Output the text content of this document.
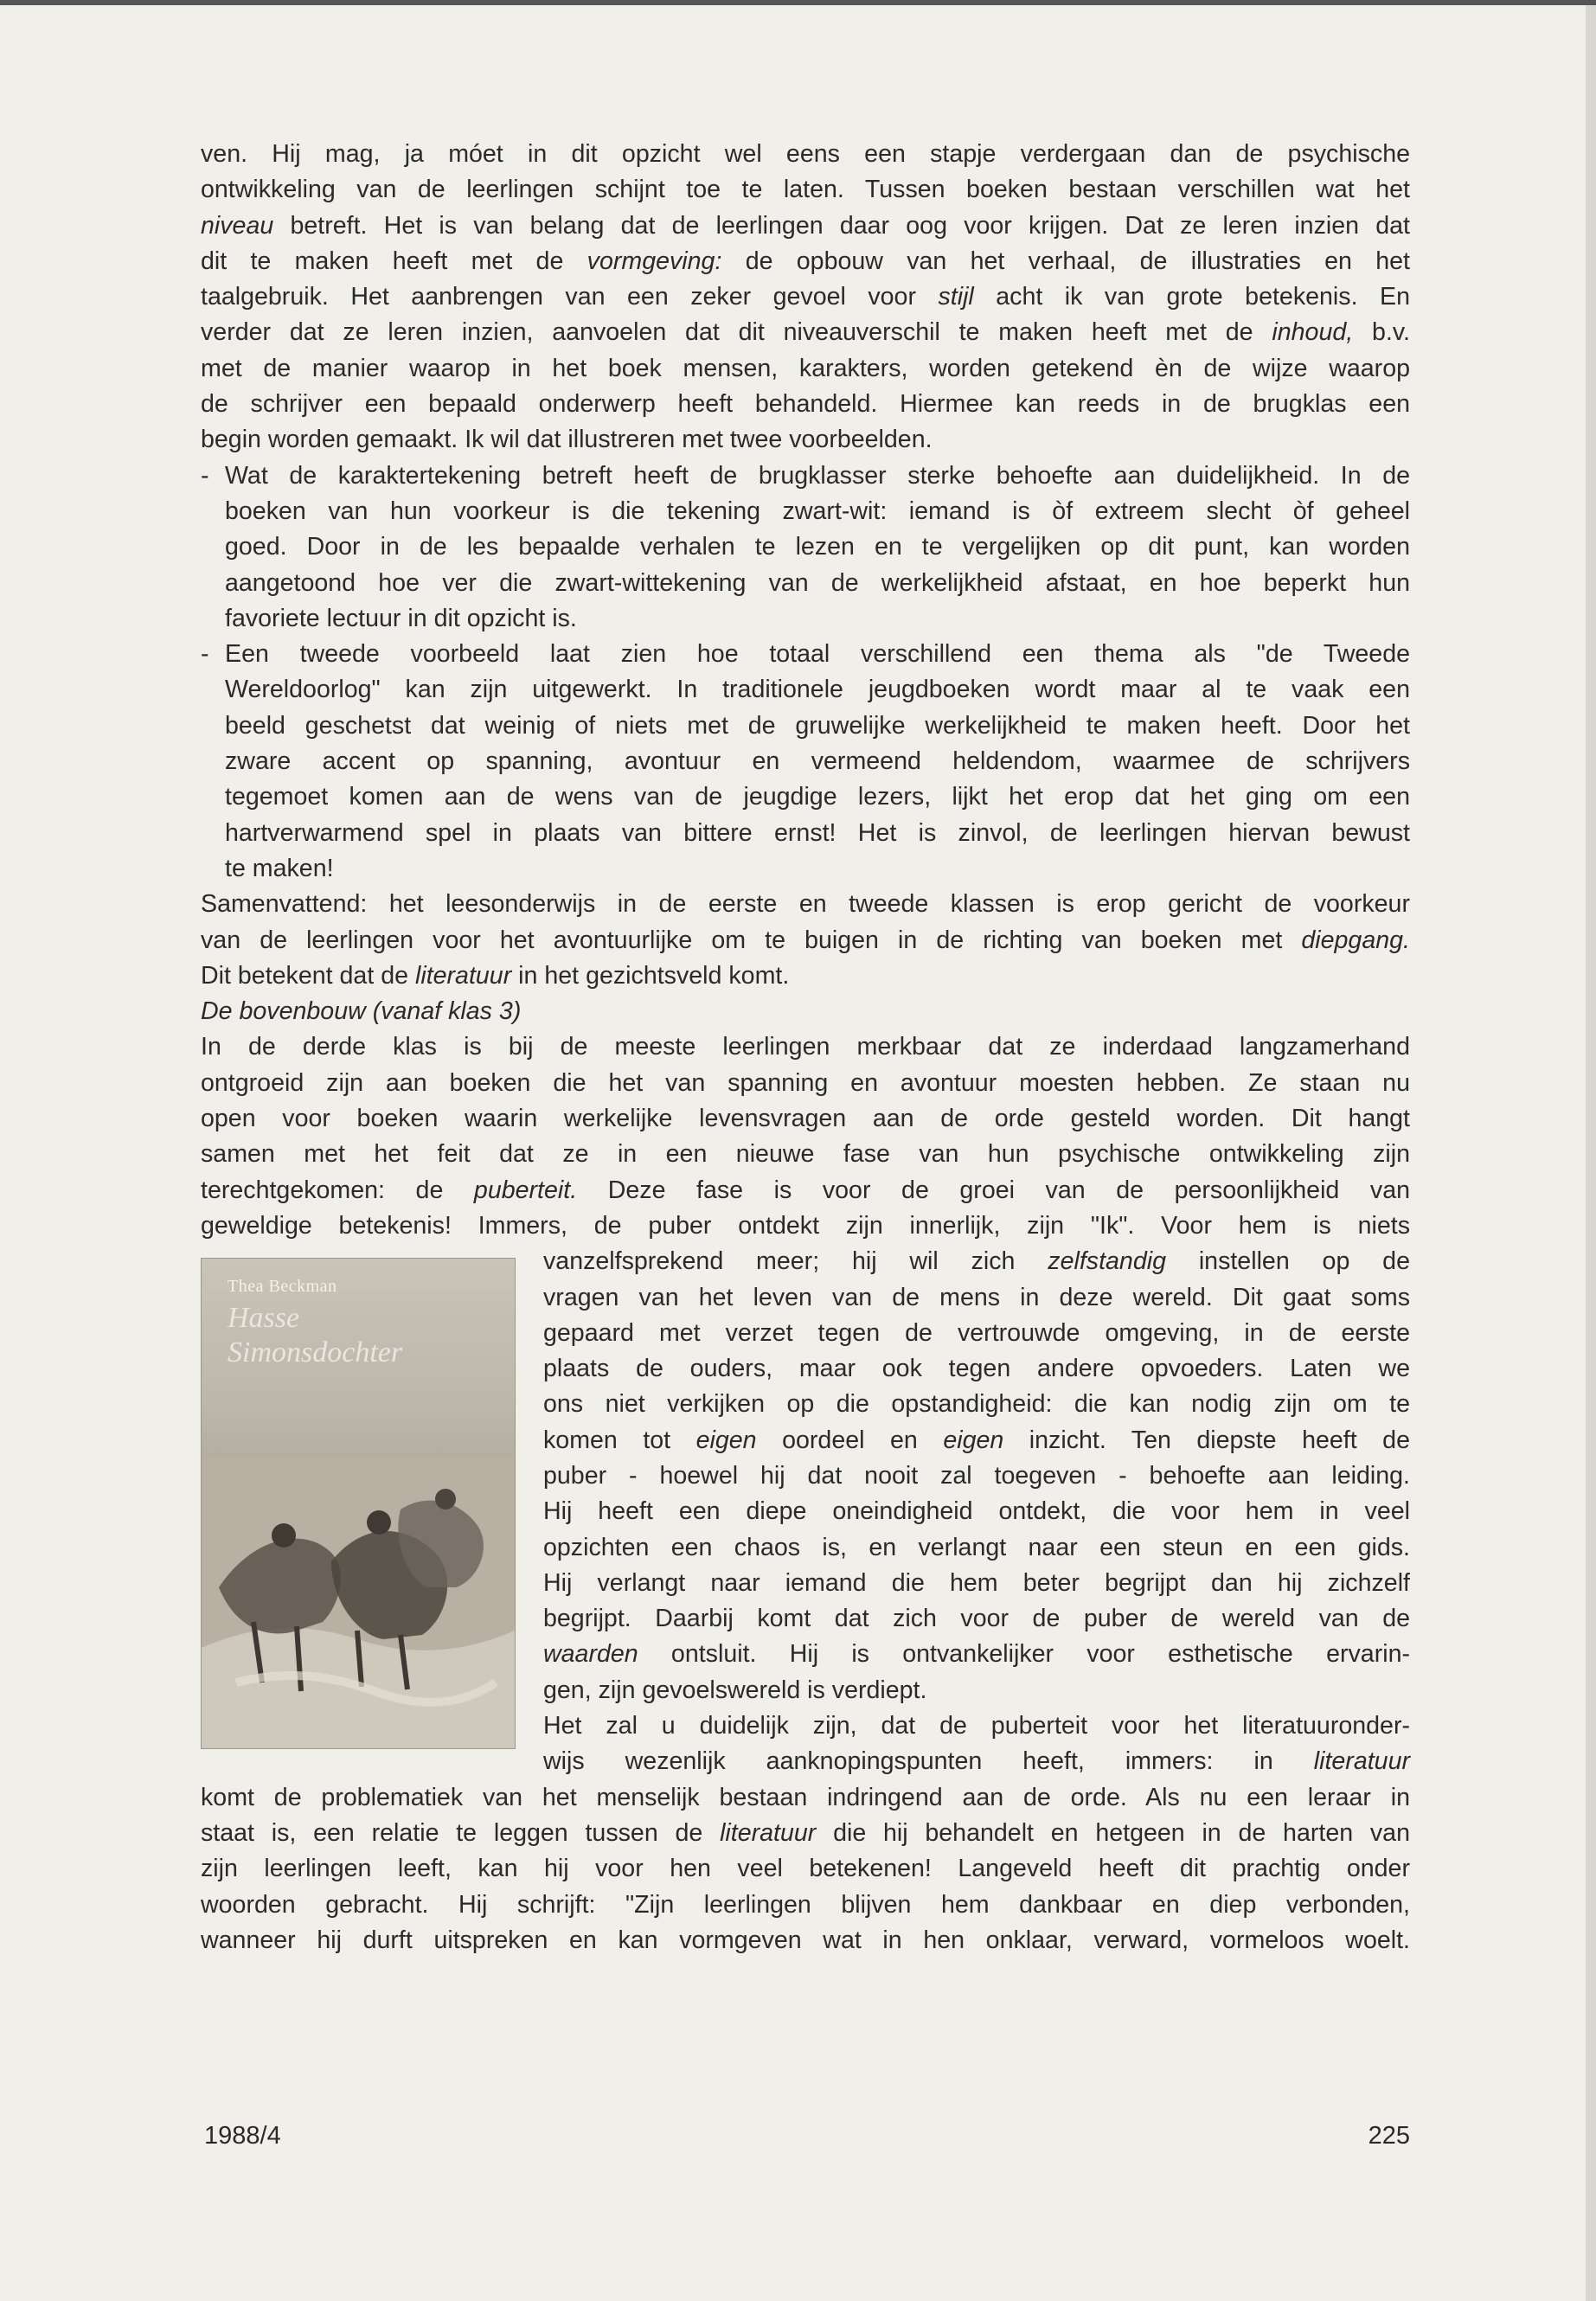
ven. Hij mag, ja móet in dit opzicht wel eens een stapje verdergaan dan de psychische
ontwikkeling van de leerlingen schijnt toe te laten. Tussen boeken bestaan verschillen wat het
niveau betreft. Het is van belang dat de leerlingen daar oog voor krijgen. Dat ze leren inzien dat
dit te maken heeft met de vormgeving: de opbouw van het verhaal, de illustraties en het
taalgebruik. Het aanbrengen van een zeker gevoel voor stijl acht ik van grote betekenis. En
verder dat ze leren inzien, aanvoelen dat dit niveauverschil te maken heeft met de inhoud, b.v.
met de manier waarop in het boek mensen, karakters, worden getekend èn de wijze waarop
de schrijver een bepaald onderwerp heeft behandeld. Hiermee kan reeds in de brugklas een
begin worden gemaakt. Ik wil dat illustreren met twee voorbeelden.

- Wat de karaktertekening betreft heeft de brugklasser sterke behoefte aan duidelijkheid. In de
boeken van hun voorkeur is die tekening zwart-wit: iemand is òf extreem slecht òf geheel
goed. Door in de les bepaalde verhalen te lezen en te vergelijken op dit punt, kan worden
aangetoond hoe ver die zwart-wittekening van de werkelijkheid afstaat, en hoe beperkt hun
favoriete lectuur in dit opzicht is.

- Een tweede voorbeeld laat zien hoe totaal verschillend een thema als "de Tweede
Wereldoorlog" kan zijn uitgewerkt. In traditionele jeugdboeken wordt maar al te vaak een
beeld geschetst dat weinig of niets met de gruwelijke werkelijkheid te maken heeft. Door het
zware accent op spanning, avontuur en vermeend heldendom, waarmee de schrijvers
tegemoet komen aan de wens van de jeugdige lezers, lijkt het erop dat het ging om een
hartverwarmend spel in plaats van bittere ernst! Het is zinvol, de leerlingen hiervan bewust
te maken!

Samenvattend: het leesonderwijs in de eerste en tweede klassen is erop gericht de voorkeur
van de leerlingen voor het avontuurlijke om te buigen in de richting van boeken met diepgang.
Dit betekent dat de literatuur in het gezichtsveld komt.

De bovenbouw (vanaf klas 3)

In de derde klas is bij de meeste leerlingen merkbaar dat ze inderdaad langzamerhand
ontgroeid zijn aan boeken die het van spanning en avontuur moesten hebben. Ze staan nu
open voor boeken waarin werkelijke levensvragen aan de orde gesteld worden. Dit hangt
samen met het feit dat ze in een nieuwe fase van hun psychische ontwikkeling zijn
terechtgekomen: de puberteit. Deze fase is voor de groei van de persoonlijkheid van
geweldige betekenis! Immers, de puber ontdekt zijn innerlijk, zijn "Ik". Voor hem is niets

Thea Beckman
Hasse
Simonsdochter
vanzelfsprekend meer; hij wil zich zelfstandig instellen op de
vragen van het leven van de mens in deze wereld. Dit gaat soms
gepaard met verzet tegen de vertrouwde omgeving, in de eerste
plaats de ouders, maar ook tegen andere opvoeders. Laten we
ons niet verkijken op die opstandigheid: die kan nodig zijn om te
komen tot eigen oordeel en eigen inzicht. Ten diepste heeft de
puber - hoewel hij dat nooit zal toegeven - behoefte aan leiding.
Hij heeft een diepe oneindigheid ontdekt, die voor hem in veel
opzichten een chaos is, en verlangt naar een steun en een gids.
Hij verlangt naar iemand die hem beter begrijpt dan hij zichzelf
begrijpt. Daarbij komt dat zich voor de puber de wereld van de
waarden ontsluit. Hij is ontvankelijker voor esthetische ervarin-
gen, zijn gevoelswereld is verdiept.
Het zal u duidelijk zijn, dat de puberteit voor het literatuuronder-
wijs wezenlijk aanknopingspunten heeft, immers: in literatuur

komt de problematiek van het menselijk bestaan indringend aan de orde. Als nu een leraar in
staat is, een relatie te leggen tussen de literatuur die hij behandelt en hetgeen in de harten van
zijn leerlingen leeft, kan hij voor hen veel betekenen! Langeveld heeft dit prachtig onder
woorden gebracht. Hij schrijft: "Zijn leerlingen blijven hem dankbaar en diep verbonden,
wanneer hij durft uitspreken en kan vormgeven wat in hen onklaar, verward, vormeloos woelt.

1988/4	225
